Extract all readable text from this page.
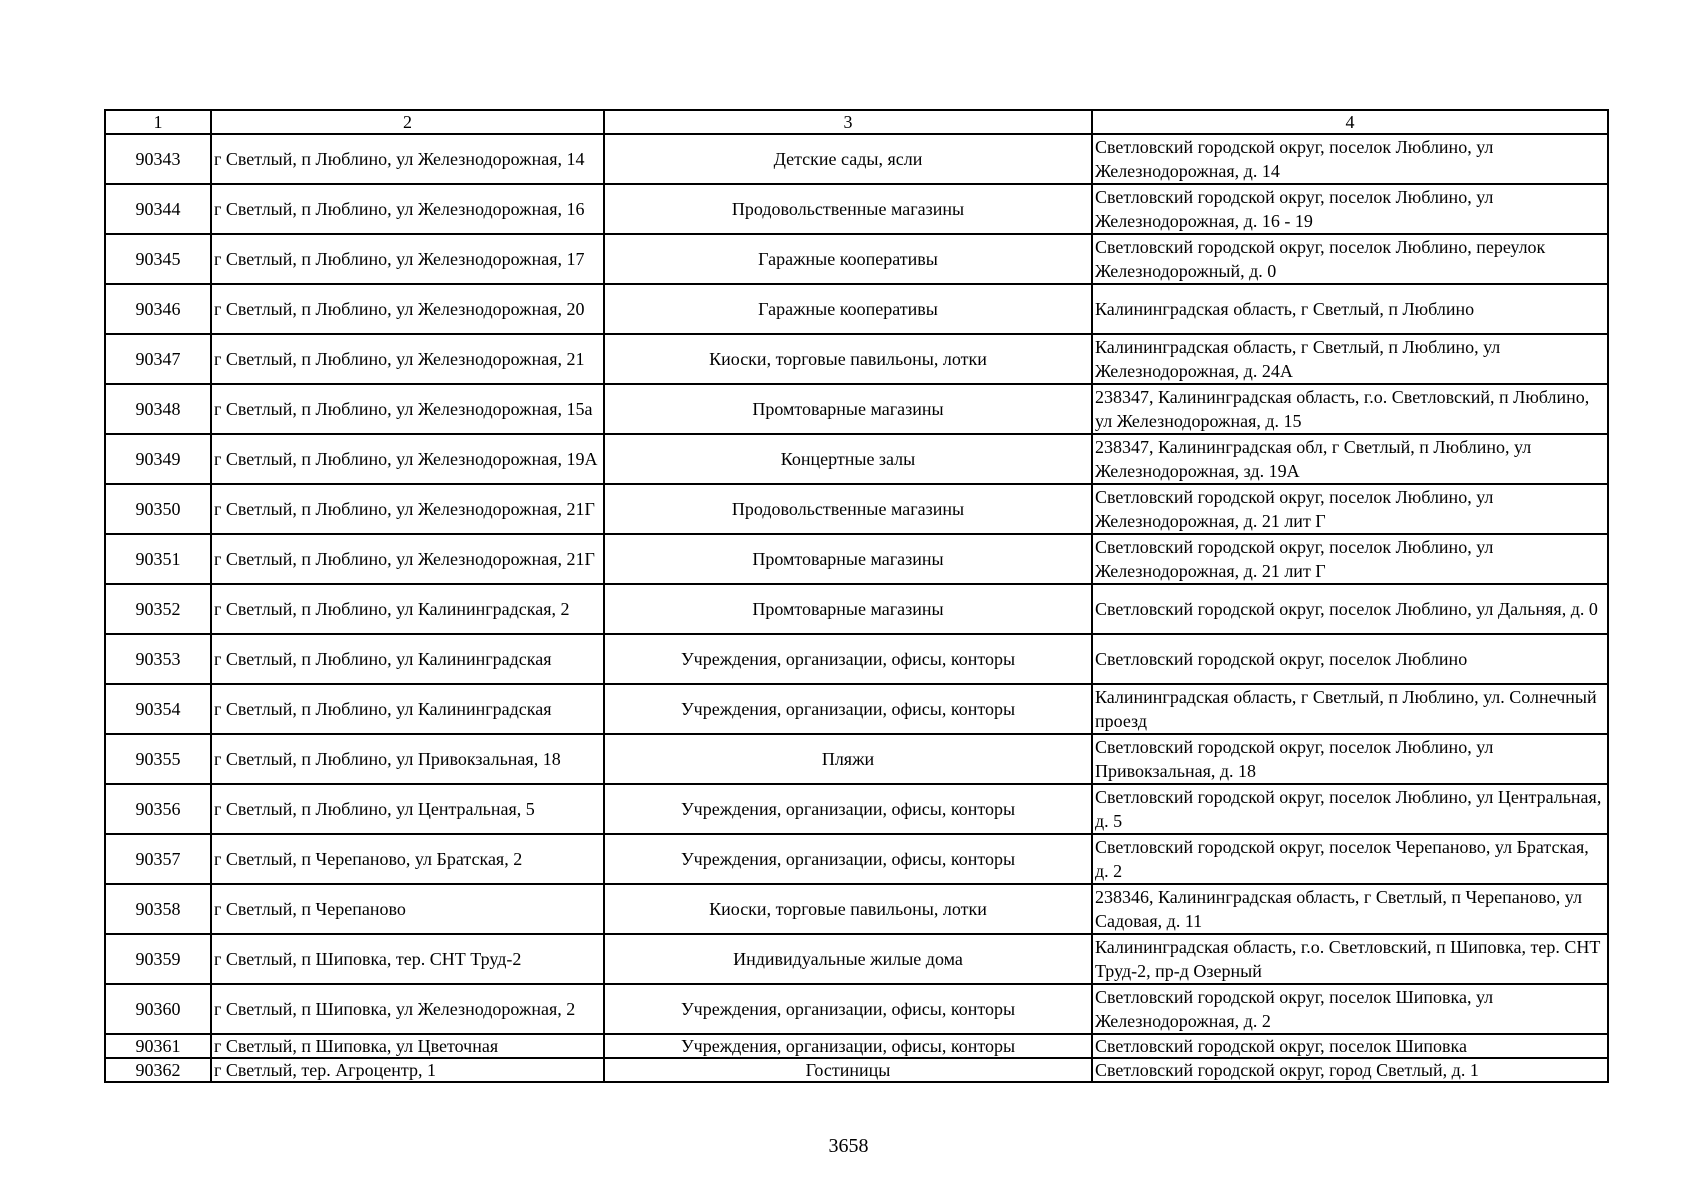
1	2	3	4
90343	г Светлый, п Люблино, ул Железнодорожная, 14	Детские сады, ясли	Светловский городской округ, поселок Люблино, ул Железнодорожная, д. 14
90344	г Светлый, п Люблино, ул Железнодорожная, 16	Продовольственные магазины	Светловский городской округ, поселок Люблино, ул Железнодорожная, д. 16 - 19
90345	г Светлый, п Люблино, ул Железнодорожная, 17	Гаражные кооперативы	Светловский городской округ, поселок Люблино, переулок Железнодорожный, д. 0
90346	г Светлый, п Люблино, ул Железнодорожная, 20	Гаражные кооперативы	Калининградская область, г Светлый, п Люблино
90347	г Светлый, п Люблино, ул Железнодорожная, 21	Киоски, торговые павильоны, лотки	Калининградская область, г Светлый, п Люблино, ул Железнодорожная, д. 24А
90348	г Светлый, п Люблино, ул Железнодорожная, 15а	Промтоварные магазины	238347, Калининградская область, г.о. Светловский, п Люблино, ул Железнодорожная, д. 15
90349	г Светлый, п Люблино, ул Железнодорожная, 19А	Концертные залы	238347, Калининградская обл, г Светлый, п Люблино, ул Железнодорожная, зд. 19А
90350	г Светлый, п Люблино, ул Железнодорожная, 21Г	Продовольственные магазины	Светловский городской округ, поселок Люблино, ул Железнодорожная, д. 21 лит Г
90351	г Светлый, п Люблино, ул Железнодорожная, 21Г	Промтоварные магазины	Светловский городской округ, поселок Люблино, ул Железнодорожная, д. 21 лит Г
90352	г Светлый, п Люблино, ул Калининградская, 2	Промтоварные магазины	Светловский городской округ, поселок Люблино, ул Дальняя, д. 0
90353	г Светлый, п Люблино, ул Калининградская	Учреждения, организации, офисы, конторы	Светловский городской округ, поселок Люблино
90354	г Светлый, п Люблино, ул Калининградская	Учреждения, организации, офисы, конторы	Калининградская область, г Светлый, п Люблино, ул. Солнечный проезд
90355	г Светлый, п Люблино, ул Привокзальная, 18	Пляжи	Светловский городской округ, поселок Люблино, ул Привокзальная, д. 18
90356	г Светлый, п Люблино, ул Центральная, 5	Учреждения, организации, офисы, конторы	Светловский городской округ, поселок Люблино, ул Центральная, д. 5
90357	г Светлый, п Черепаново, ул Братская, 2	Учреждения, организации, офисы, конторы	Светловский городской округ, поселок Черепаново, ул Братская, д. 2
90358	г Светлый, п Черепаново	Киоски, торговые павильоны, лотки	238346, Калининградская область, г Светлый, п Черепаново, ул Садовая, д. 11
90359	г Светлый, п Шиповка, тер. СНТ Труд-2	Индивидуальные жилые дома	Калининградская область, г.о. Светловский, п Шиповка, тер. СНТ Труд-2, пр-д Озерный
90360	г Светлый, п Шиповка, ул Железнодорожная, 2	Учреждения, организации, офисы, конторы	Светловский городской округ, поселок Шиповка, ул Железнодорожная, д. 2
90361	г Светлый, п Шиповка, ул Цветочная	Учреждения, организации, офисы, конторы	Светловский городской округ, поселок Шиповка
90362	г Светлый, тер. Агроцентр, 1	Гостиницы	Светловский городской округ, город Светлый, д. 1
3658
